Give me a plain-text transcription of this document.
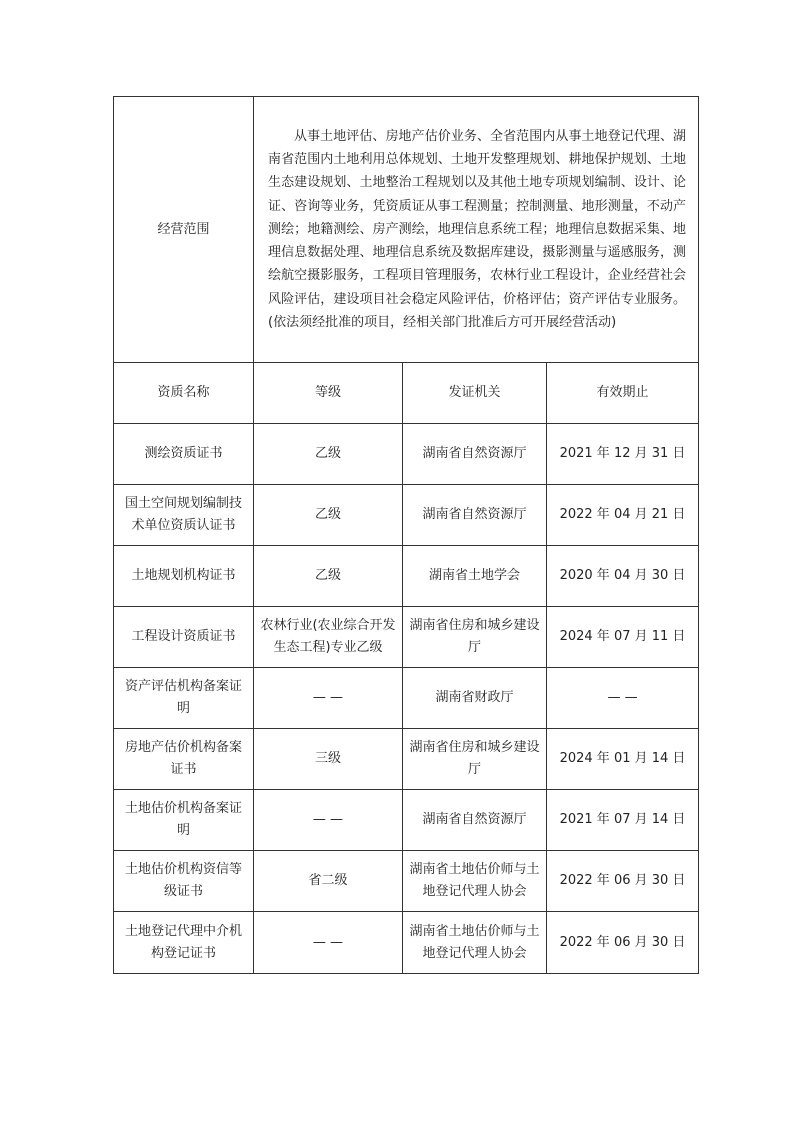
经营范围	从事土地评估、房地产估价业务、全省范围内从事土地登记代理、湖南省范围内土地利用总体规划、土地开发整理规划、耕地保护规划、土地生态建设规划、土地整治工程规划以及其他土地专项规划编制、设计、论证、咨询等业务，凭资质证从事工程测量；控制测量、地形测量，不动产测绘；地籍测绘、房产测绘，地理信息系统工程；地理信息数据采集、地理信息数据处理、地理信息系统及数据库建设，摄影测量与遥感服务，测绘航空摄影服务，工程项目管理服务，农林行业工程设计，企业经营社会风险评估，建设项目社会稳定风险评估，价格评估；资产评估专业服务。(依法须经批准的项目，经相关部门批准后方可开展经营活动)		
资质名称	等级	发证机关	有效期止
测绘资质证书	乙级	湖南省自然资源厅	2021 年 12 月 31 日
国土空间规划编制技术单位资质认证书	乙级	湖南省自然资源厅	2022 年 04 月 21 日
土地规划机构证书	乙级	湖南省土地学会	2020 年 04 月 30 日
工程设计资质证书	农林行业(农业综合开发生态工程)专业乙级	湖南省住房和城乡建设厅	2024 年 07 月 11 日
资产评估机构备案证明	— —	湖南省财政厅	— —
房地产估价机构备案证书	三级	湖南省住房和城乡建设厅	2024 年 01 月 14 日
土地估价机构备案证明	— —	湖南省自然资源厅	2021 年 07 月 14 日
土地估价机构资信等级证书	省二级	湖南省土地估价师与土地登记代理人协会	2022 年 06 月 30 日
土地登记代理中介机构登记证书	— —	湖南省土地估价师与土地登记代理人协会	2022 年 06 月 30 日
